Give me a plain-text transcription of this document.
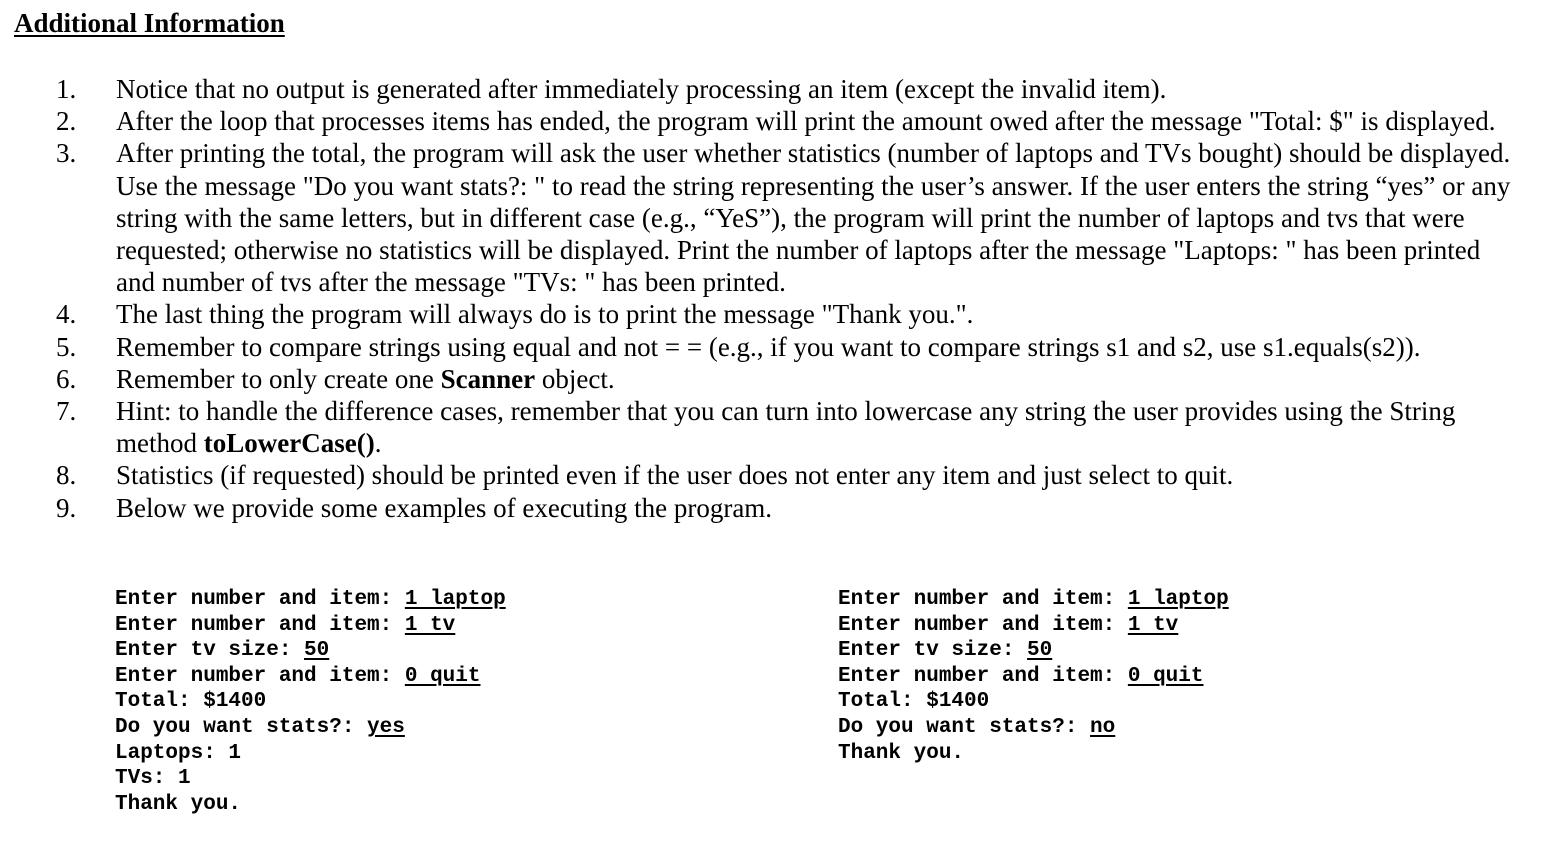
Additional Information
1.	Notice that no output is generated after immediately processing an item (except the invalid item).
2.	After the loop that processes items has ended, the program will print the amount owed after the message "Total: $" is displayed.
3.	After printing the total, the program will ask the user whether statistics (number of laptops and TVs bought) should be displayed. Use the message "Do you want stats?: " to read the string representing the user’s answer. If the user enters the string “yes” or any string with the same letters, but in different case (e.g., “YeS”), the program will print the number of laptops and tvs that were requested; otherwise no statistics will be displayed. Print the number of laptops after the message "Laptops: " has been printed and number of tvs after the message "TVs: " has been printed.
4.	The last thing the program will always do is to print the message "Thank you.".
5.	Remember to compare strings using equal and not = = (e.g., if you want to compare strings s1 and s2, use s1.equals(s2)).
6.	Remember to only create one Scanner object.
7.	Hint: to handle the difference cases, remember that you can turn into lowercase any string the user provides using the String method toLowerCase().
8.	Statistics (if requested) should be printed even if the user does not enter any item and just select to quit.
9.	Below we provide some examples of executing the program.
Enter number and item: 1 laptop
Enter number and item: 1 tv
Enter tv size: 50
Enter number and item: 0 quit
Total: $1400
Do you want stats?: yes
Laptops: 1
TVs: 1
Thank you.
Enter number and item: 1 laptop
Enter number and item: 1 tv
Enter tv size: 50
Enter number and item: 0 quit
Total: $1400
Do you want stats?: no
Thank you.
